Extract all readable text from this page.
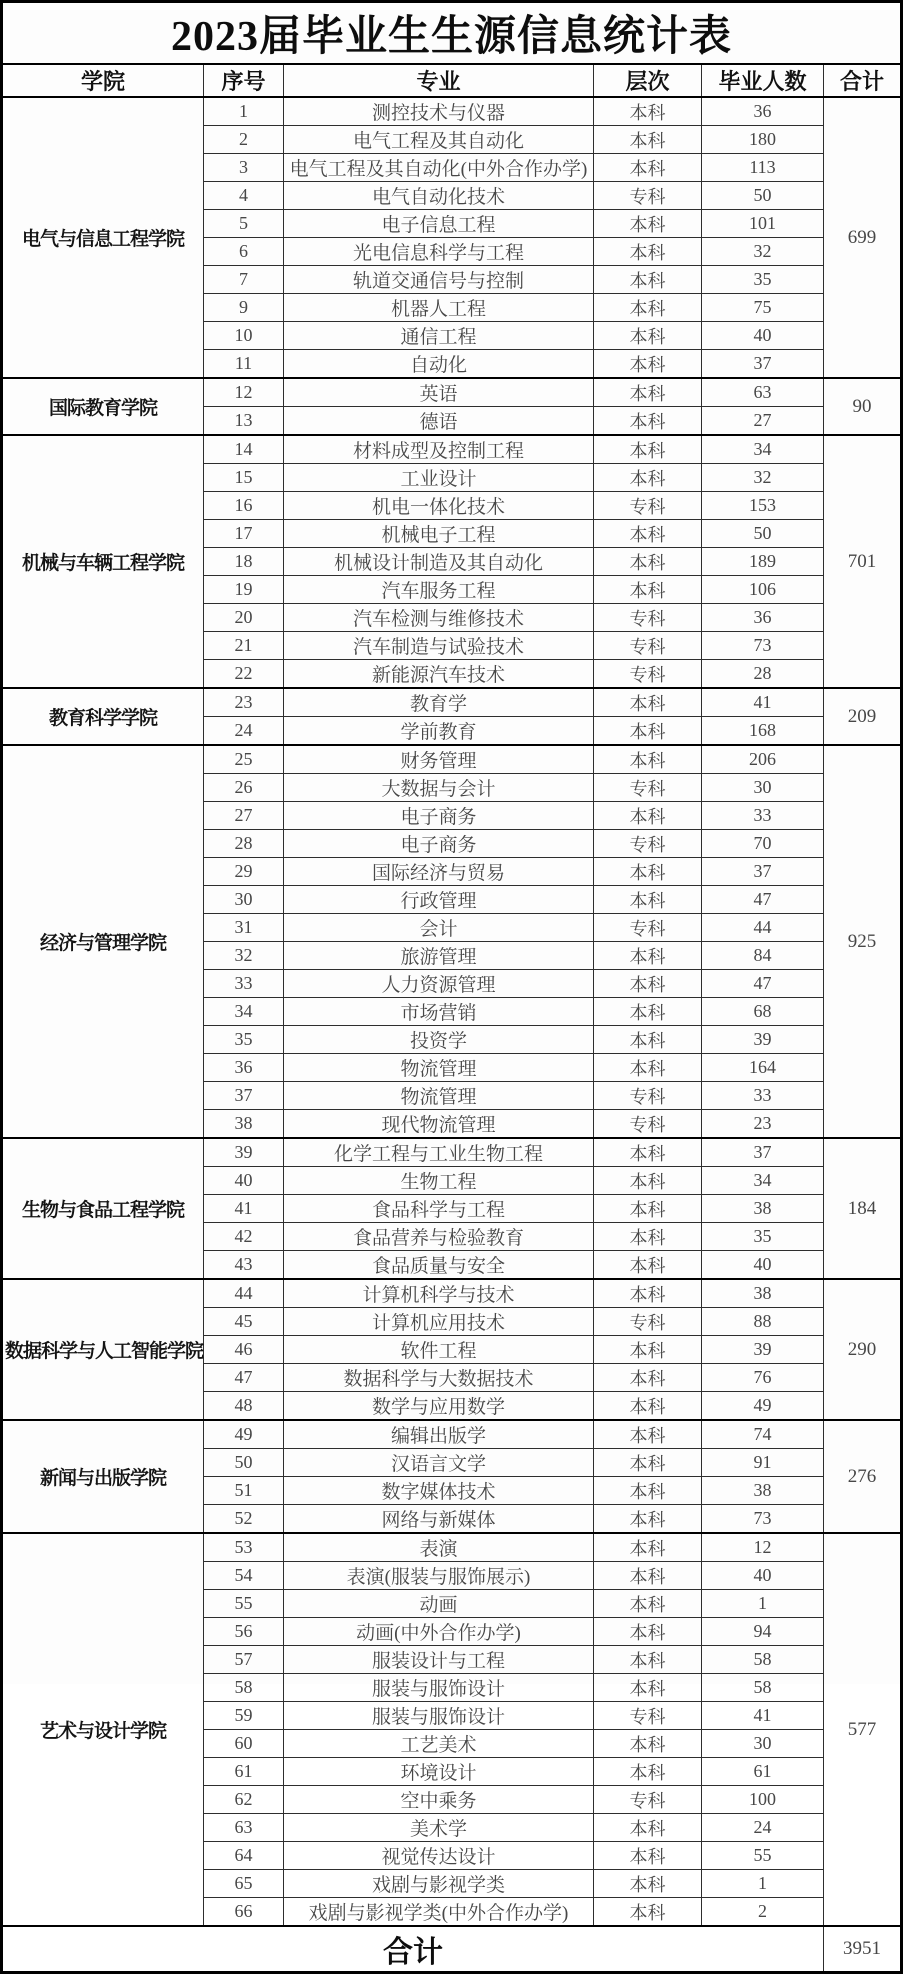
2023届毕业生生源信息统计表					
学院	序号	专业	层次	毕业人数	合计
电气与信息工程学院	1	测控技术与仪器	本科	36	699
	2	电气工程及其自动化	本科	180	
	3	电气工程及其自动化(中外合作办学)	本科	113	
	4	电气自动化技术	专科	50	
	5	电子信息工程	本科	101	
	6	光电信息科学与工程	本科	32	
	7	轨道交通信号与控制	本科	35	
	9	机器人工程	本科	75	
	10	通信工程	本科	40	
	11	自动化	本科	37	
国际教育学院	12	英语	本科	63	90
	13	德语	本科	27	
机械与车辆工程学院	14	材料成型及控制工程	本科	34	701
	15	工业设计	本科	32	
	16	机电一体化技术	专科	153	
	17	机械电子工程	本科	50	
	18	机械设计制造及其自动化	本科	189	
	19	汽车服务工程	本科	106	
	20	汽车检测与维修技术	专科	36	
	21	汽车制造与试验技术	专科	73	
	22	新能源汽车技术	专科	28	
教育科学学院	23	教育学	本科	41	209
	24	学前教育	本科	168	
经济与管理学院	25	财务管理	本科	206	925
	26	大数据与会计	专科	30	
	27	电子商务	本科	33	
	28	电子商务	专科	70	
	29	国际经济与贸易	本科	37	
	30	行政管理	本科	47	
	31	会计	专科	44	
	32	旅游管理	本科	84	
	33	人力资源管理	本科	47	
	34	市场营销	本科	68	
	35	投资学	本科	39	
	36	物流管理	本科	164	
	37	物流管理	专科	33	
	38	现代物流管理	专科	23	
生物与食品工程学院	39	化学工程与工业生物工程	本科	37	184
	40	生物工程	本科	34	
	41	食品科学与工程	本科	38	
	42	食品营养与检验教育	本科	35	
	43	食品质量与安全	本科	40	
数据科学与人工智能学院	44	计算机科学与技术	本科	38	290
	45	计算机应用技术	专科	88	
	46	软件工程	本科	39	
	47	数据科学与大数据技术	本科	76	
	48	数学与应用数学	本科	49	
新闻与出版学院	49	编辑出版学	本科	74	276
	50	汉语言文学	本科	91	
	51	数字媒体技术	本科	38	
	52	网络与新媒体	本科	73	
艺术与设计学院	53	表演	本科	12	577
	54	表演(服装与服饰展示)	本科	40	
	55	动画	本科	1	
	56	动画(中外合作办学)	本科	94	
	57	服装设计与工程	本科	58	
	58	服装与服饰设计	本科	58	
	59	服装与服饰设计	专科	41	
	60	工艺美术	本科	30	
	61	环境设计	本科	61	
	62	空中乘务	专科	100	
	63	美术学	本科	24	
	64	视觉传达设计	本科	55	
	65	戏剧与影视学类	本科	1	
	66	戏剧与影视学类(中外合作办学)	本科	2	
合计					3951
